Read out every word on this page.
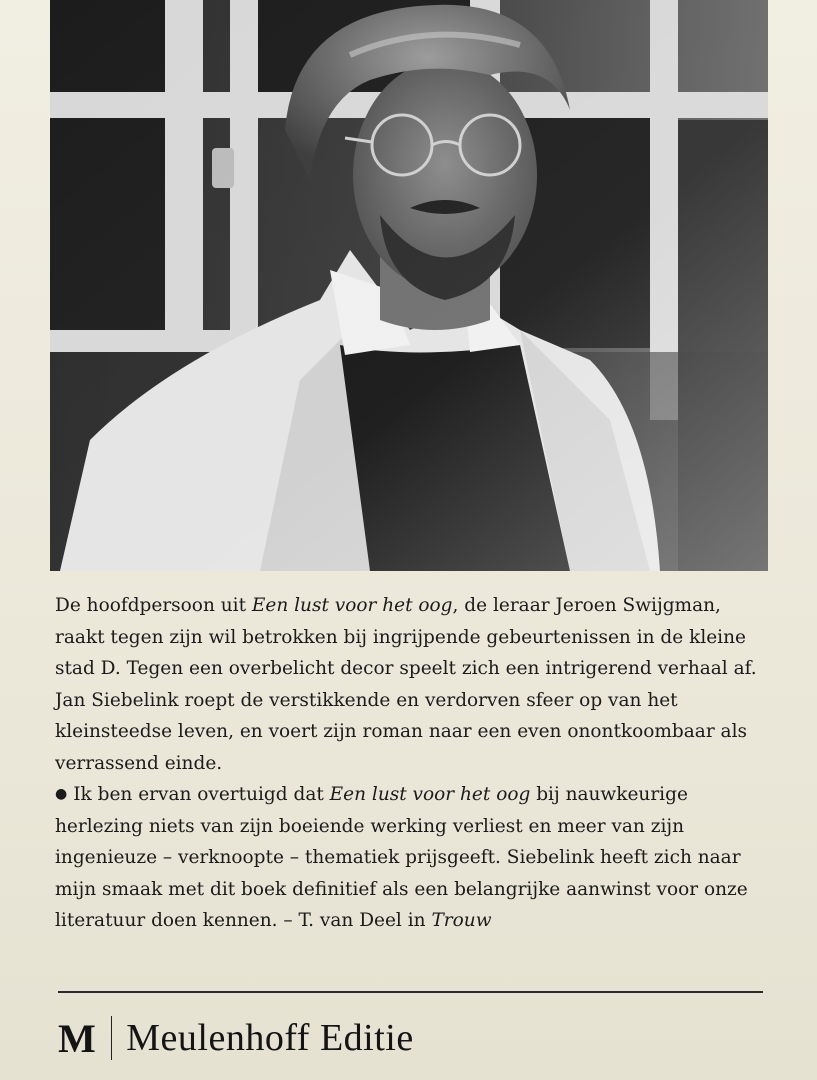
De hoofdpersoon uit Een lust voor het oog, de leraar Jeroen Swijgman, raakt tegen zijn wil betrokken bij ingrijpende gebeurtenissen in de kleine stad D. Tegen een overbelicht decor speelt zich een intrigerend verhaal af.

Jan Siebelink roept de verstikkende en verdorven sfeer op van het kleinsteedse leven, en voert zijn roman naar een even onontkoombaar als verrassend einde.

● Ik ben ervan overtuigd dat Een lust voor het oog bij nauwkeurige herlezing niets van zijn boeiende werking verliest en meer van zijn ingenieuze – verknoopte – thematiek prijsgeeft. Siebelink heeft zich naar mijn smaak met dit boek definitief als een belangrijke aanwinst voor onze literatuur doen kennen. – T. van Deel in Trouw

M Meulenhoff Editie
